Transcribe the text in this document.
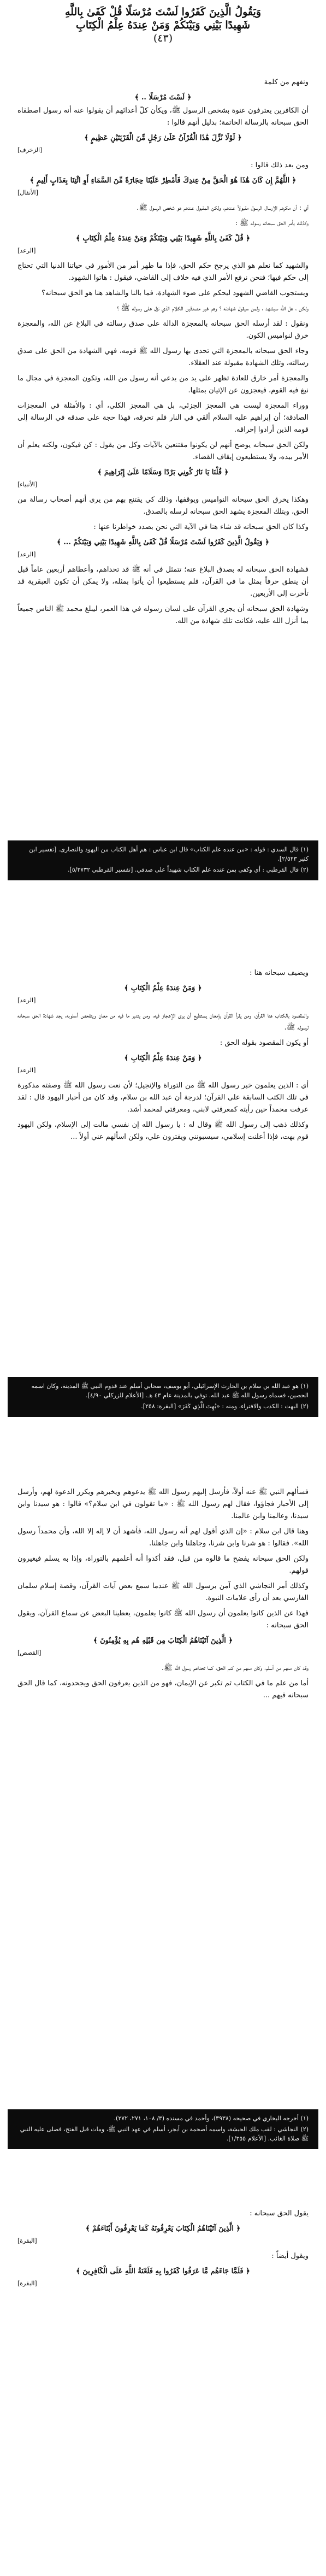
وَيَقُولُ الَّذِينَ كَفَرُوا لَسْتَ مُرْسَلًا قُلْ كَفَىٰ بِاللَّهِ
شَهِيدًا بَيْنِي وَبَيْنَكُمْ وَمَنْ عِندَهُ عِلْمُ الْكِتَابِ
(٤٣)
ونفهم من كلمة
﴿ لَسْتَ مُرْسَلًا .. ﴾
أن الكافرين يعترفون عنوة بشخص الرسول ﷺ، ويكأن كلّ أعدائهم أن يقولوا عنه أنه رسول اصطفاه الحق سبحانه بالرسالة الخاتمة؛ بدليل أنهم قالوا :
﴿ لَوْلَا نُزِّلَ هَٰذَا الْقُرْآنُ عَلَىٰ رَجُلٍ مِّنَ الْقَرْيَتَيْنِ عَظِيمٍ ﴾
[الزخرف]
ومن بعد ذلك قالوا :
﴿ اللَّهُمَّ إِن كَانَ هَٰذَا هُوَ الْحَقَّ مِنْ عِندِكَ فَأَمْطِرْ عَلَيْنَا حِجَارَةً مِّنَ السَّمَاءِ أَوِ ائْتِنَا بِعَذَابٍ أَلِيمٍ ﴾
[الأنفال]
أي : أن مكرهم الإرسال الرسول مقبولاً عندهم، ولكن المقبول عندهم هو شخص الرسول ﷺ.
وكذلك يأمر الحق سبحانه رسوله ﷺ :
﴿ قُلْ كَفَىٰ بِاللَّهِ شَهِيدًا بَيْنِي وَبَيْنَكُمْ وَمَنْ عِندَهُ عِلْمُ الْكِتَابِ ﴾
[الرعد]
والشهيد كما نعلم هو الذي يرجح حكم الحق، فإذا ما ظهر أمر من الأمور في حياتنا الدنيا التي تحتاج إلى حكم فيها؛ فنحن نرفع الأمر الذي فيه خلاف إلى القاضي، فيقول : هاتوا الشهود.
ويستجوب القاضي الشهود ليحكم على ضوء الشهادة، فما بالنا والشاهد هنا هو الحق سبحانه؟
ولكن ، هل الله سيشهد ، ولمن سيقول شهادته ؟ وهم غير مصدقين الكلام الذي نزل على رسوله ﷺ ؟
ونقول : لقد أرسله الحق سبحانه بالمعجزة الدالة على صدق رسالته في البلاغ عن الله، والمعجزة خرق لنواميس الكون.
وجاء الحق سبحانه بالمعجزة التي تحدى بها رسول الله ﷺ قومه، فهي الشهادة من الحق على صدق رسالته، وتلك الشهادة مقبولة عند العقلاء.
والمعجزة أمر خارق للعادة تظهر على يد من يدعي أنه رسول من الله، وتكون المعجزة في مجال ما نبغ فيه القوم، فيعجزون عن الإتيان بمثلها.
ووراء المعجزة ليست هي المعجز الجزئي، بل هي المعجز الكلي، أي : والأمثلة في المعجزات الصادقة؛ أن إبراهيم عليه السلام ألقي في النار فلم تحرقه، فهذا حجة على صدقه في الرسالة إلى قومه الذين أرادوا إحراقه.
ولكن الحق سبحانه يوضح أنهم لن يكونوا مقتنعين بالآيات وكل من يقول : كن فيكون، ولكنه يعلم أن الأمر بيده، ولا يستطيعون إيقاف القضاء.
﴿ قُلْنَا يَا نَارُ كُونِي بَرْدًا وَسَلَامًا عَلَىٰ إِبْرَاهِيمَ ﴾
[الأنبياء]
وهكذا يخرق الحق سبحانه النواميس ويوقفها، وذلك كي يقتنع بهم من يرى أنهم أصحاب رسالة من الحق، وبتلك المعجزة يشهد الحق سبحانه لرسله بالصدق.
وكذا كان الحق سبحانه قد شاء هنا في الآية التي نحن بصدد خواطرنا عنها :
﴿ وَيَقُولُ الَّذِينَ كَفَرُوا لَسْتَ مُرْسَلًا قُلْ كَفَىٰ بِاللَّهِ شَهِيدًا بَيْنِي وَبَيْنَكُمْ ... ﴾
[الرعد]
فشهادة الحق سبحانه له بصدق البلاغ عنه؛ تتمثل في أنه ﷺ قد تحداهم، وأعطاهم أربعين عاماً قبل أن ينطق حرفاً بمثل ما في القرآن، فلم يستطيعوا أن يأتوا بمثله، ولا يمكن أن تكون العبقرية قد تأخرت إلى الأربعين.
وشهادة الحق سبحانه أن يجري القرآن على لسان رسوله في هذا العمر، ليبلغ محمد ﷺ الناس جميعاً بما أنزل الله عليه، فكانت تلك شهادة من الله.

(١) قال السدي : قوله : «من عنده علم الكتاب» قال ابن عباس : هم أهل الكتاب من اليهود والنصارى. [تفسير ابن كثير ٢/٥٢٣].

(٢) قال القرطبي : أي وكفى بمن عنده علم الكتاب شهيداً على صدقي. [تفسير القرطبي ٥/٣٧٣٢].

ويضيف سبحانه هنا :
﴿ وَمَنْ عِندَهُ عِلْمُ الْكِتَابِ ﴾
[الرعد]
والمقصود بالكتاب هنا القرآن، ومن يقرأ القرآن بإمعان يستطيع أن يرى الإعجاز فيه، ومن يتدبر ما فيه من معان ويتفحص أسلوبه، يجد شهادة الحق سبحانه لرسوله ﷺ.
أو يكون المقصود بقوله الحق :
﴿ وَمَنْ عِندَهُ عِلْمُ الْكِتَابِ ﴾
[الرعد]
أي : الذين يعلمون خبر رسول الله ﷺ من التوراة والإنجيل؛ لأن نعت رسول الله ﷺ وصفته مذكورة في تلك الكتب السابقة على القرآن؛ لدرجة أن عبد الله بن سلام، وقد كان من أحبار اليهود قال : لقد عرفت محمداً حين رأيته كمعرفتي لابني، ومعرفتي لمحمد أشد.
وكذلك ذهب إلى رسول الله ﷺ وقال له : يا رسول الله إن نفسي مالت إلى الإسلام، ولكن اليهود قوم بهت، فإذا أعلنت إسلامي، سيسبونني ويفترون علي، ولكن اسألهم عني أولاً ...

(١) هو عبد الله بن سلام بن الحارث الإسرائيلي، أبو يوسف، صحابي أسلم عند قدوم النبي ﷺ المدينة، وكان اسمه الحصين، فسماه رسول الله ﷺ عبد الله. توفي بالمدينة عام ٤٣ هـ. [الأعلام للزركلي ٤/٩٠].

(٢) البهت : الكذب والافتراء، ومنه : «بُهِتَ الَّذِي كَفَرَ» [البقرة: ٢٥٨].

فسألهم النبي ﷺ عنه أولاً، فأرسل إليهم رسول الله ﷺ يدعوهم ويخبرهم ويكرر الدعوة لهم، وأرسل إلى الأحبار فجاؤوا، فقال لهم رسول الله ﷺ : «ما تقولون في ابن سلام؟» قالوا : هو سيدنا وابن سيدنا، وعالمنا وابن عالمنا.
وهنا قال ابن سلام : «إن الذي أقول لهم أنه رسول الله، فأشهد أن لا إله إلا الله، وأن محمداً رسول الله». فقالوا : هو شرنا وابن شرنا، وجاهلنا وابن جاهلنا.
ولكن الحق سبحانه يفضح ما قالوه من قبل، فقد أكدوا أنه أعلمهم بالتوراة، وإذا به يسلم فيغيرون قولهم.
وكذلك أمر النجاشي الذي آمن برسول الله ﷺ عندما سمع بعض آيات القرآن، وقصة إسلام سلمان الفارسي بعد أن رأى علامات النبوة.
فهذا عن الذين كانوا يعلمون أن رسول الله ﷺ كانوا يعلمون، يعطينا البعض عن سماع القرآن، ويقول الحق سبحانه :
﴿ الَّذِينَ آتَيْنَاهُمُ الْكِتَابَ مِن قَبْلِهِ هُم بِهِ يُؤْمِنُونَ ﴾
[القصص]
وقد كان منهم من أسلم، وكان منهم من كتم الحق، كما تحداهم رسول الله ﷺ.
أما من علم ما في الكتاب ثم تكبر عن الإيمان، فهو من الذين يعرفون الحق ويجحدونه، كما قال الحق سبحانه فيهم ...

(١) أخرجه البخاري في صحيحه (٣٩٣٨)، وأحمد في مسنده (٣/ ١٠٨، ٢٧١، ٢٧٢).

(٢) النجاشي : لقب ملك الحبشة، واسمه أصحمة بن أبجر، أسلم في عهد النبي ﷺ، ومات قبل الفتح، فصلى عليه النبي ﷺ صلاة الغائب. [الأعلام ١/٣٥٥].

يقول الحق سبحانه :
﴿ الَّذِينَ آتَيْنَاهُمُ الْكِتَابَ يَعْرِفُونَهُ كَمَا يَعْرِفُونَ أَبْنَاءَهُمْ ﴾
[البقرة]
ويقول أيضاً :
﴿ فَلَمَّا جَاءَهُم مَّا عَرَفُوا كَفَرُوا بِهِ فَلَعْنَةُ اللَّهِ عَلَى الْكَافِرِينَ ﴾
[البقرة]
